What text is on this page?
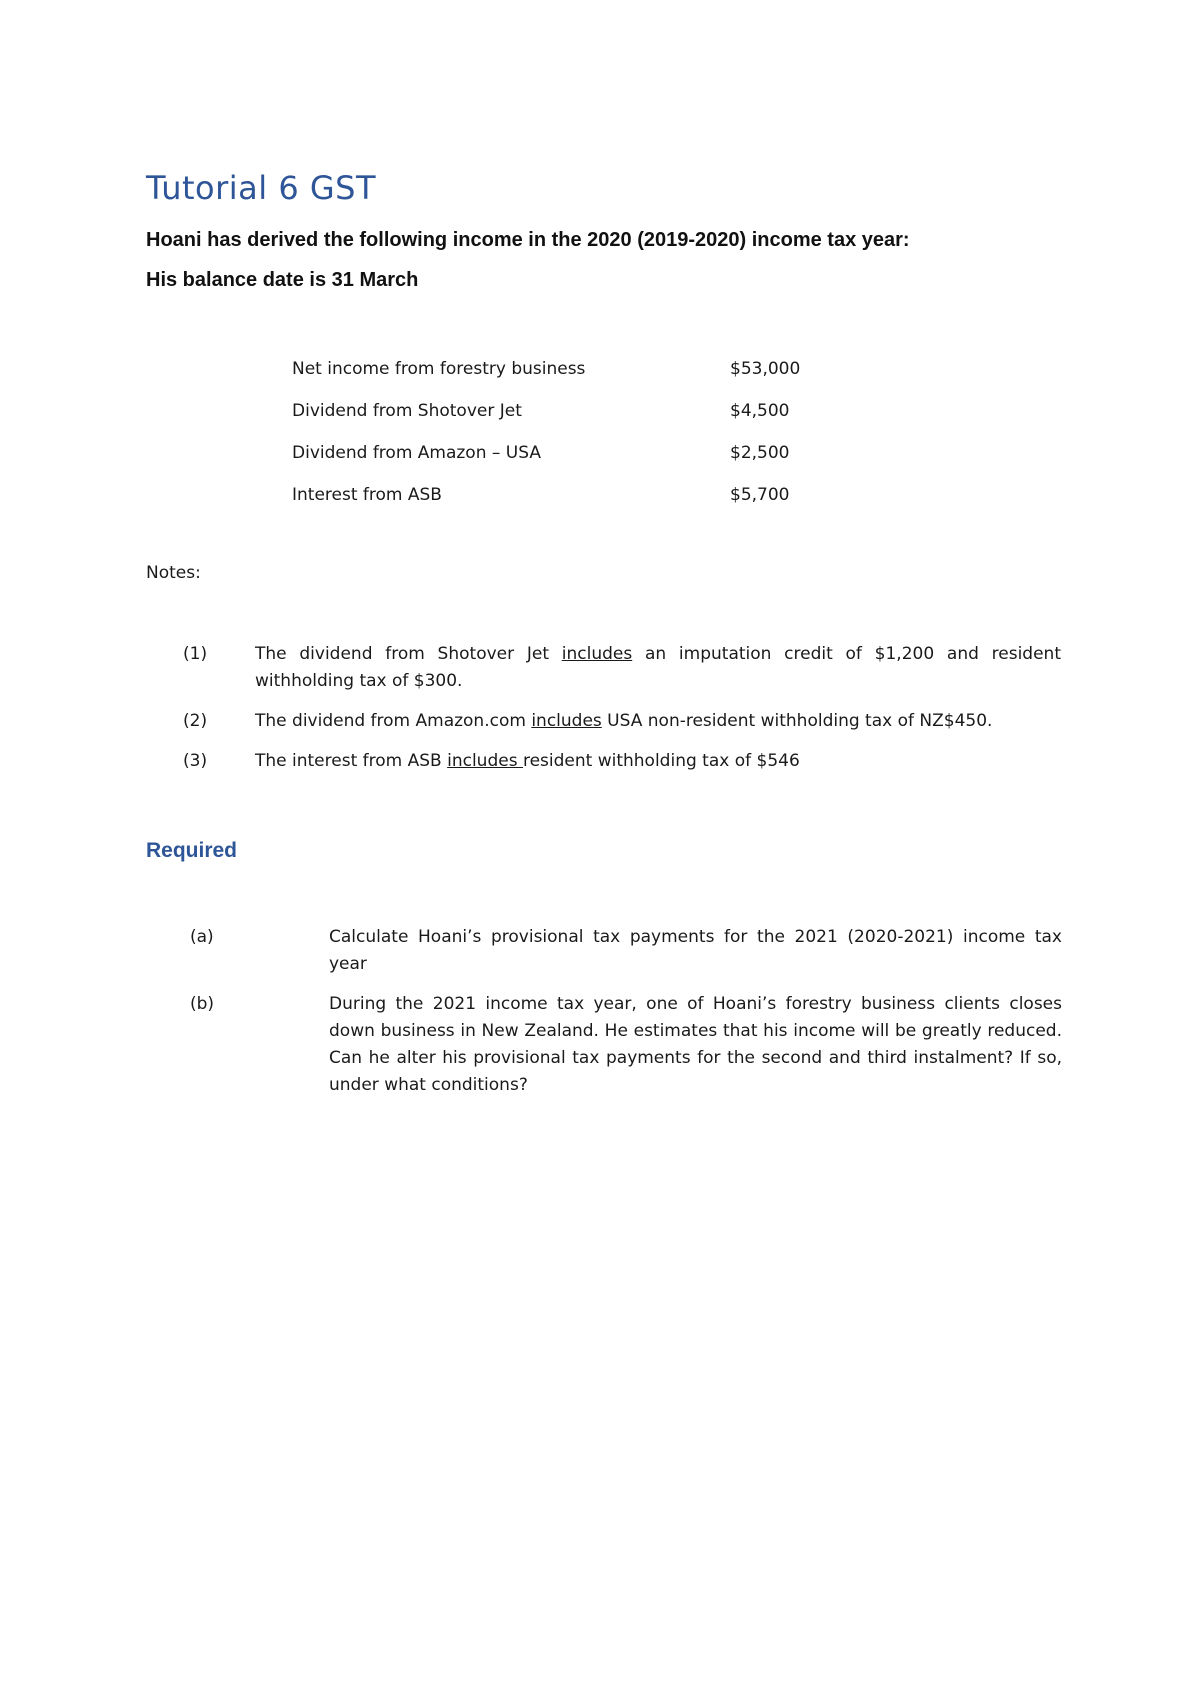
Tutorial 6 GST
Hoani has derived the following income in the 2020 (2019-2020) income tax year:
His balance date is 31 March
Net income from forestry business	$53,000
Dividend from Shotover Jet	$4,500
Dividend from Amazon – USA	$2,500
Interest from ASB	$5,700
Notes:
(1)	The dividend from Shotover Jet includes an imputation credit of $1,200 and resident withholding tax of $300.
(2)	The dividend from Amazon.com includes USA non-resident withholding tax of NZ$450.
(3)	The interest from ASB includes resident withholding tax of $546
Required
(a)	Calculate Hoani’s provisional tax payments for the 2021 (2020-2021) income tax year
(b)	During the 2021 income tax year, one of Hoani’s forestry business clients closes down business in New Zealand. He estimates that his income will be greatly reduced. Can he alter his provisional tax payments for the second and third instalment? If so, under what conditions?
